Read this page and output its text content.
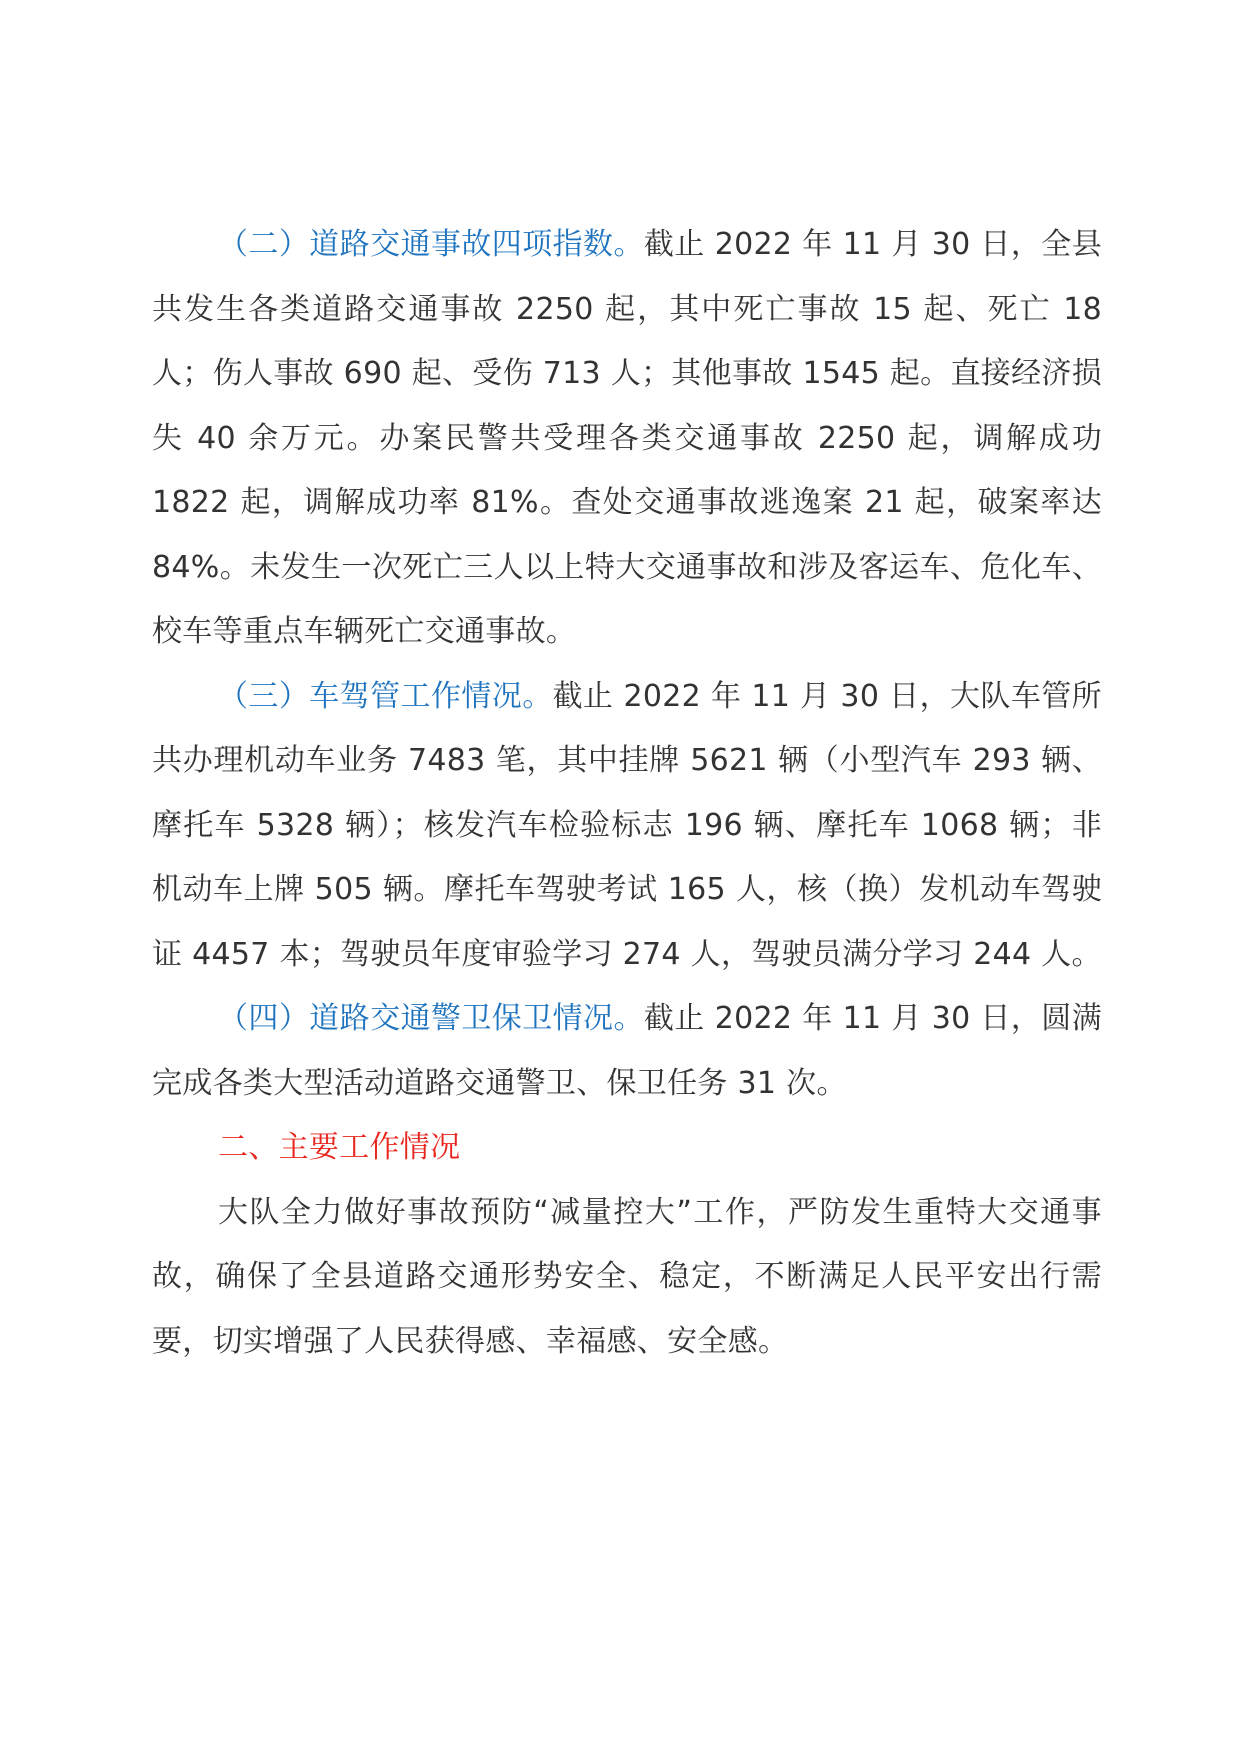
（二）道路交通事故四项指数。截止 2022 年 11 月 30 日，全县共发生各类道路交通事故 2250 起，其中死亡事故 15 起、死亡 18 人；伤人事故 690 起、受伤 713 人；其他事故 1545 起。直接经济损失 40 余万元。办案民警共受理各类交通事故 2250 起，调解成功 1822 起，调解成功率 81%。查处交通事故逃逸案 21 起，破案率达 84%。未发生一次死亡三人以上特大交通事故和涉及客运车、危化车、校车等重点车辆死亡交通事故。

（三）车驾管工作情况。截止 2022 年 11 月 30 日，大队车管所共办理机动车业务 7483 笔，其中挂牌 5621 辆（小型汽车 293 辆、摩托车 5328 辆）；核发汽车检验标志 196 辆、摩托车 1068 辆；非机动车上牌 505 辆。摩托车驾驶考试 165 人，核（换）发机动车驾驶证 4457 本；驾驶员年度审验学习 274 人，驾驶员满分学习 244 人。

（四）道路交通警卫保卫情况。截止 2022 年 11 月 30 日，圆满完成各类大型活动道路交通警卫、保卫任务 31 次。

二、主要工作情况

大队全力做好事故预防“减量控大”工作，严防发生重特大交通事故，确保了全县道路交通形势安全、稳定，不断满足人民平安出行需要，切实增强了人民获得感、幸福感、安全感。
